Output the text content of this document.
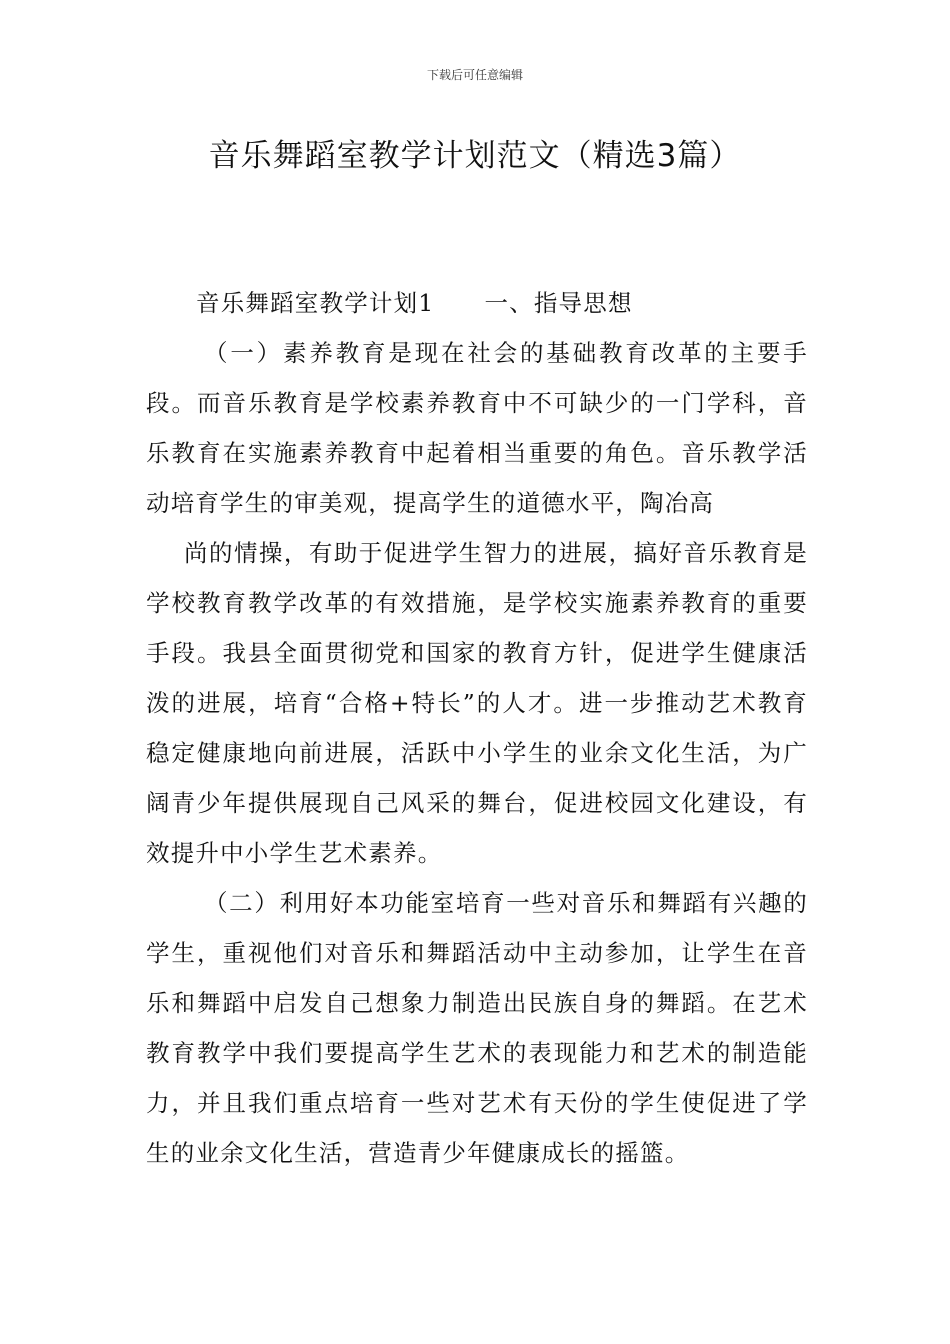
下载后可任意编辑
音乐舞蹈室教学计划范文（精选3篇）
音乐舞蹈室教学计划1 一、指导思想

（一）素养教育是现在社会的基础教育改革的主要手段。而音乐教育是学校素养教育中不可缺少的一门学科，音乐教育在实施素养教育中起着相当重要的角色。音乐教学活动培育学生的审美观，提高学生的道德水平，陶冶高

尚的情操，有助于促进学生智力的进展，搞好音乐教育是学校教育教学改革的有效措施，是学校实施素养教育的重要手段。我县全面贯彻党和国家的教育方针，促进学生健康活泼的进展，培育“合格+特长”的人才。进一步推动艺术教育稳定健康地向前进展，活跃中小学生的业余文化生活，为广阔青少年提供展现自己风采的舞台，促进校园文化建设，有效提升中小学生艺术素养。

（二）利用好本功能室培育一些对音乐和舞蹈有兴趣的学生，重视他们对音乐和舞蹈活动中主动参加，让学生在音乐和舞蹈中启发自己想象力制造出民族自身的舞蹈。在艺术教育教学中我们要提高学生艺术的表现能力和艺术的制造能力，并且我们重点培育一些对艺术有天份的学生使促进了学生的业余文化生活，营造青少年健康成长的摇篮。
